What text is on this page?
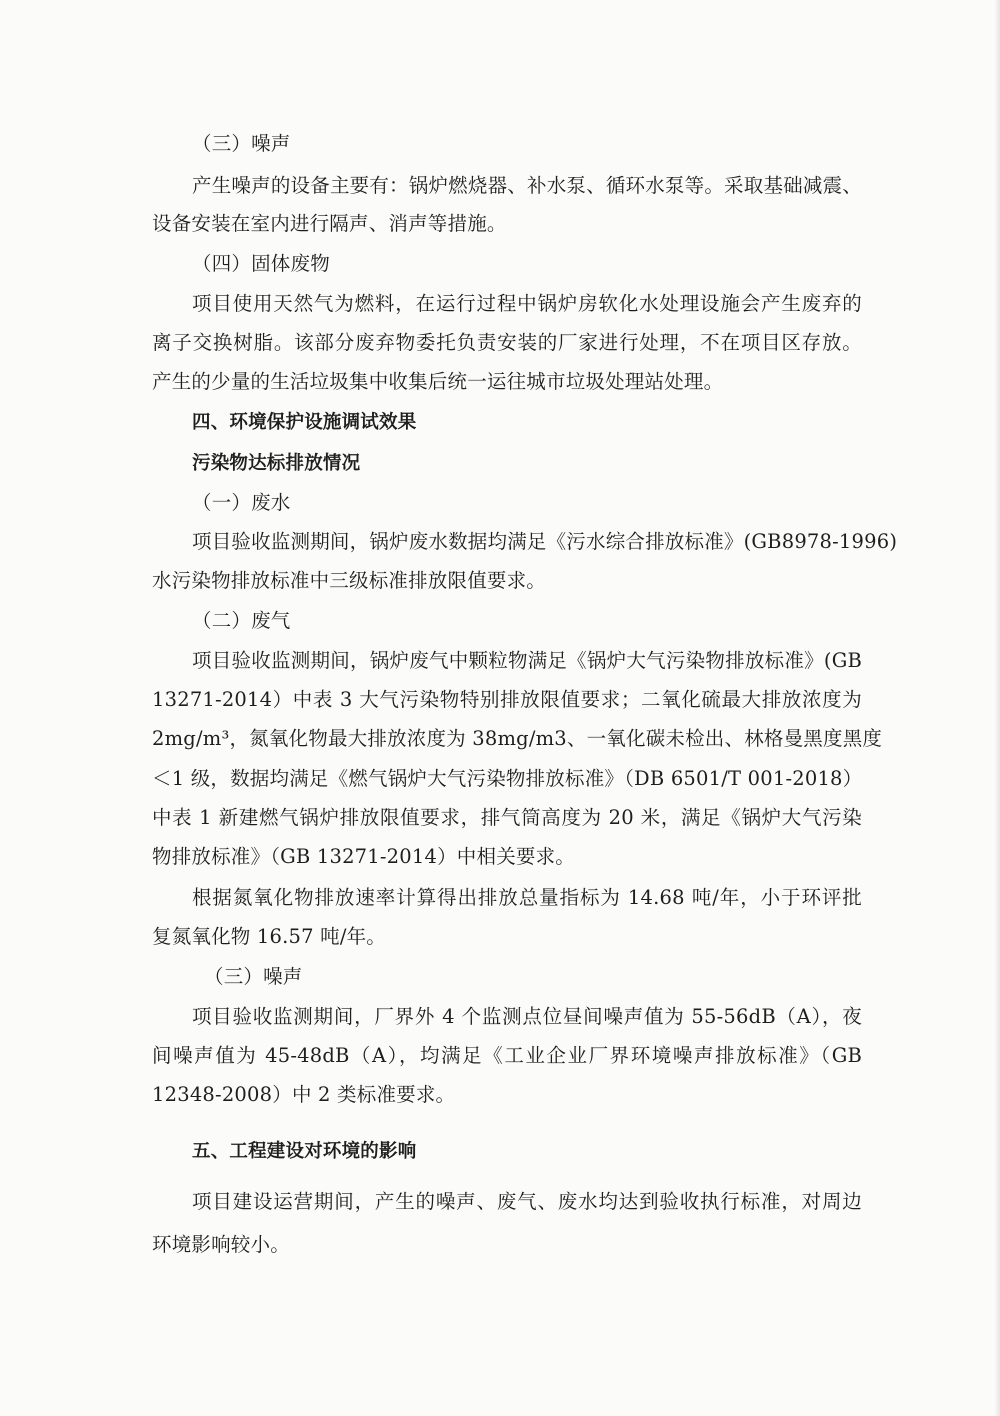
（三）噪声
产生噪声的设备主要有：锅炉燃烧器、补水泵、循环水泵等。采取基础减震、
设备安装在室内进行隔声、消声等措施。
（四）固体废物
项目使用天然气为燃料，在运行过程中锅炉房软化水处理设施会产生废弃的
离子交换树脂。该部分废弃物委托负责安装的厂家进行处理，不在项目区存放。
产生的少量的生活垃圾集中收集后统一运往城市垃圾处理站处理。
四、环境保护设施调试效果
污染物达标排放情况
（一）废水
项目验收监测期间，锅炉废水数据均满足《污水综合排放标准》(GB8978-1996)
水污染物排放标准中三级标准排放限值要求。
（二）废气
项目验收监测期间，锅炉废气中颗粒物满足《锅炉大气污染物排放标准》(GB
13271-2014）中表 3 大气污染物特别排放限值要求；二氧化硫最大排放浓度为
2mg/m³，氮氧化物最大排放浓度为 38mg/m3、一氧化碳未检出、林格曼黑度黑度
＜1 级，数据均满足《燃气锅炉大气污染物排放标准》（DB 6501/T 001-2018）
中表 1 新建燃气锅炉排放限值要求，排气筒高度为 20 米，满足《锅炉大气污染
物排放标准》（GB 13271-2014）中相关要求。
根据氮氧化物排放速率计算得出排放总量指标为 14.68 吨/年，小于环评批
复氮氧化物 16.57 吨/年。
（三）噪声
项目验收监测期间，厂界外 4 个监测点位昼间噪声值为 55-56dB（A），夜
间噪声值为 45-48dB（A），均满足《工业企业厂界环境噪声排放标准》（GB
12348-2008）中 2 类标准要求。
五、工程建设对环境的影响
项目建设运营期间，产生的噪声、废气、废水均达到验收执行标准，对周边
环境影响较小。
